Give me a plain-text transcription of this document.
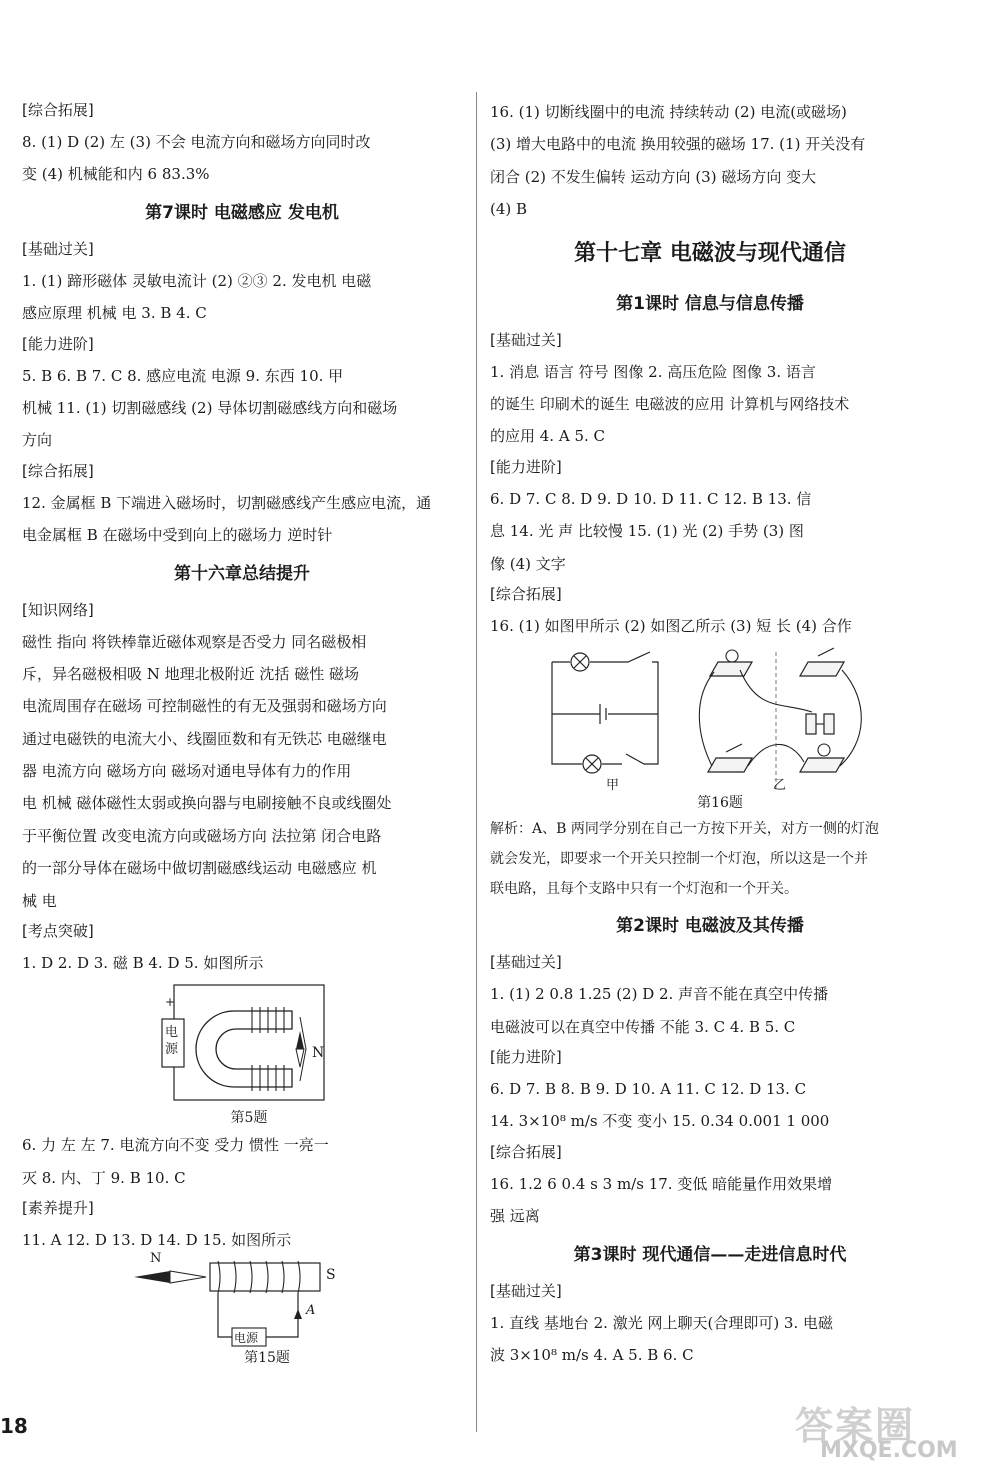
[综合拓展]
8. (1) D (2) 左 (3) 不会 电流方向和磁场方向同时改
变 (4) 机械能和内 6 83.3%
第7课时 电磁感应 发电机
[基础过关]
1. (1) 蹄形磁体 灵敏电流计 (2) ②③ 2. 发电机 电磁
感应原理 机械 电 3. B 4. C
[能力进阶]
5. B 6. B 7. C 8. 感应电流 电源 9. 东西 10. 甲
机械 11. (1) 切割磁感线 (2) 导体切割磁感线方向和磁场
方向
[综合拓展]
12. 金属框 B 下端进入磁场时，切割磁感线产生感应电流，通
电金属框 B 在磁场中受到向上的磁场力 逆时针
第十六章总结提升
[知识网络]
磁性 指向 将铁棒靠近磁体观察是否受力 同名磁极相
斥，异名磁极相吸 N 地理北极附近 沈括 磁性 磁场
电流周围存在磁场 可控制磁性的有无及强弱和磁场方向
通过电磁铁的电流大小、线圈匝数和有无铁芯 电磁继电
器 电流方向 磁场方向 磁场对通电导体有力的作用
电 机械 磁体磁性太弱或换向器与电刷接触不良或线圈处
于平衡位置 改变电流方向或磁场方向 法拉第 闭合电路
的一部分导体在磁场中做切割磁感线运动 电磁感应 机
械 电
[考点突破]
1. D 2. D 3. 磁 B 4. D 5. 如图所示
电源
+
N
第5题
6. 力 左 左 7. 电流方向不变 受力 惯性 一亮一
灭 8. 内、丁 9. B 10. C
[素养提升]
11. A 12. D 13. D 14. D 15. 如图所示
N
S
A
电源
第15题
16. (1) 切断线圈中的电流 持续转动 (2) 电流(或磁场)
(3) 增大电路中的电流 换用较强的磁场 17. (1) 开关没有
闭合 (2) 不发生偏转 运动方向 (3) 磁场方向 变大
(4) B
第十七章 电磁波与现代通信
第1课时 信息与信息传播
[基础过关]
1. 消息 语言 符号 图像 2. 高压危险 图像 3. 语言
的诞生 印刷术的诞生 电磁波的应用 计算机与网络技术
的应用 4. A 5. C
[能力进阶]
6. D 7. C 8. D 9. D 10. D 11. C 12. B 13. 信
息 14. 光 声 比较慢 15. (1) 光 (2) 手势 (3) 图
像 (4) 文字
[综合拓展]
16. (1) 如图甲所示 (2) 如图乙所示 (3) 短 长 (4) 合作
甲	乙
第16题
解析：A、B 两同学分别在自己一方按下开关，对方一侧的灯泡
就会发光，即要求一个开关只控制一个灯泡，所以这是一个并
联电路，且每个支路中只有一个灯泡和一个开关。
第2课时 电磁波及其传播
[基础过关]
1. (1) 2 0.8 1.25 (2) D 2. 声音不能在真空中传播
电磁波可以在真空中传播 不能 3. C 4. B 5. C
[能力进阶]
6. D 7. B 8. B 9. D 10. A 11. C 12. D 13. C
14. 3×10⁸ m/s 不变 变小 15. 0.34 0.001 1 000
[综合拓展]
16. 1.2 6 0.4 s 3 m/s 17. 变低 暗能量作用效果增
强 远离
第3课时 现代通信——走进信息时代
[基础过关]
1. 直线 基地台 2. 激光 网上聊天(合理即可) 3. 电磁
波 3×10⁸ m/s 4. A 5. B 6. C
18	答案圈
MXQE.COM
